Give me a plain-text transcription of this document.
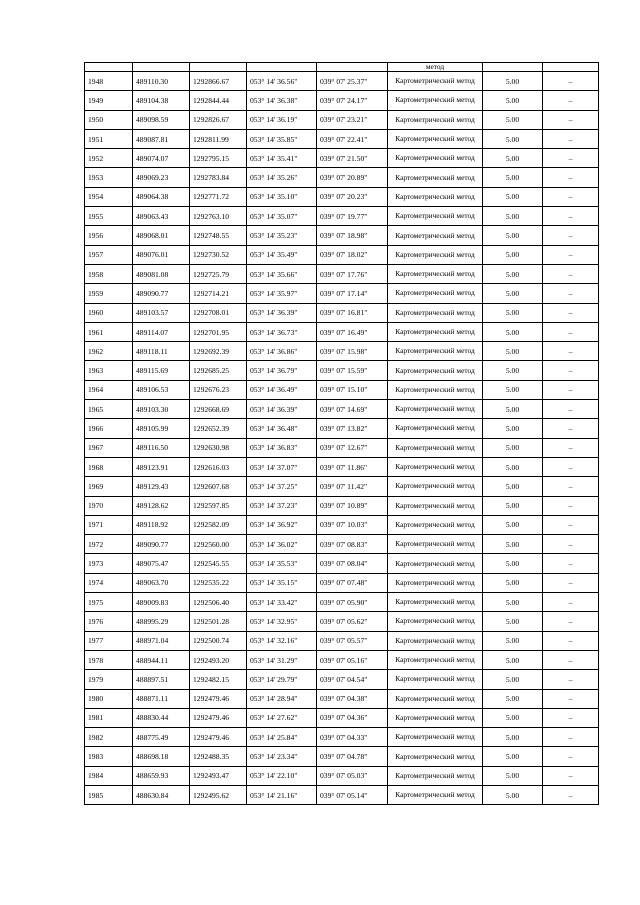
					метод		
1948	489110.30	1292866.67	053° 14' 36.56"	039° 07' 25.37"	Картометрический метод	5.00	–
1949	489104.38	1292844.44	053° 14' 36.38"	039° 07' 24.17"	Картометрический метод	5.00	–
1950	489098.59	1292826.67	053° 14' 36.19"	039° 07' 23.21"	Картометрический метод	5.00	–
1951	489087.81	1292811.99	053° 14' 35.85"	039° 07' 22.41"	Картометрический метод	5.00	–
1952	489074.07	1292795.15	053° 14' 35.41"	039° 07' 21.50"	Картометрический метод	5.00	–
1953	489069.23	1292783.84	053° 14' 35.26"	039° 07' 20.89"	Картометрический метод	5.00	–
1954	489064.38	1292771.72	053° 14' 35.10"	039° 07' 20.23"	Картометрический метод	5.00	–
1955	489063.43	1292763.10	053° 14' 35.07"	039° 07' 19.77"	Картометрический метод	5.00	–
1956	489068.01	1292748.55	053° 14' 35.23"	039° 07' 18.98"	Картометрический метод	5.00	–
1957	489076.01	1292730.52	053° 14' 35.49"	039° 07' 18.02"	Картометрический метод	5.00	–
1958	489081.08	1292725.79	053° 14' 35.66"	039° 07' 17.76"	Картометрический метод	5.00	–
1959	489090.77	1292714.21	053° 14' 35.97"	039° 07' 17.14"	Картометрический метод	5.00	–
1960	489103.57	1292708.01	053° 14' 36.39"	039° 07' 16.81"	Картометрический метод	5.00	–
1961	489114.07	1292701.95	053° 14' 36.73"	039° 07' 16.49"	Картометрический метод	5.00	–
1962	489118.11	1292692.39	053° 14' 36.86"	039° 07' 15.98"	Картометрический метод	5.00	–
1963	489115.69	1292685.25	053° 14' 36.79"	039° 07' 15.59"	Картометрический метод	5.00	–
1964	489106.53	1292676.23	053° 14' 36.49"	039° 07' 15.10"	Картометрический метод	5.00	–
1965	489103.30	1292668.69	053° 14' 36.39"	039° 07' 14.69"	Картометрический метод	5.00	–
1966	489105.99	1292652.39	053° 14' 36.48"	039° 07' 13.82"	Картометрический метод	5.00	–
1967	489116.50	1292630.98	053° 14' 36.83"	039° 07' 12.67"	Картометрический метод	5.00	–
1968	489123.91	1292616.03	053° 14' 37.07"	039° 07' 11.86"	Картометрический метод	5.00	–
1969	489129.43	1292607.68	053° 14' 37.25"	039° 07' 11.42"	Картометрический метод	5.00	–
1970	489128.62	1292597.85	053° 14' 37.23"	039° 07' 10.89"	Картометрический метод	5.00	–
1971	489118.92	1292582.09	053° 14' 36.92"	039° 07' 10.03"	Картометрический метод	5.00	–
1972	489090.77	1292560.00	053° 14' 36.02"	039° 07' 08.83"	Картометрический метод	5.00	–
1973	489075.47	1292545.55	053° 14' 35.53"	039° 07' 08.04"	Картометрический метод	5.00	–
1974	489063.70	1292535.22	053° 14' 35.15"	039° 07' 07.48"	Картометрический метод	5.00	–
1975	489009.83	1292506.40	053° 14' 33.42"	039° 07' 05.90"	Картометрический метод	5.00	–
1976	488995.29	1292501.28	053° 14' 32.95"	039° 07' 05.62"	Картометрический метод	5.00	–
1977	488971.04	1292500.74	053° 14' 32.16"	039° 07' 05.57"	Картометрический метод	5.00	–
1978	488944.11	1292493.20	053° 14' 31.29"	039° 07' 05.16"	Картометрический метод	5.00	–
1979	488897.51	1292482.15	053° 14' 29.79"	039° 07' 04.54"	Картометрический метод	5.00	–
1980	488871.11	1292479.46	053° 14' 28.94"	039° 07' 04.38"	Картометрический метод	5.00	–
1981	488830.44	1292479.46	053° 14' 27.62"	039° 07' 04.36"	Картометрический метод	5.00	–
1982	488775.49	1292479.46	053° 14' 25.84"	039° 07' 04.33"	Картометрический метод	5.00	–
1983	488698.18	1292488.35	053° 14' 23.34"	039° 07' 04.78"	Картометрический метод	5.00	–
1984	488659.93	1292493.47	053° 14' 22.10"	039° 07' 05.03"	Картометрический метод	5.00	–
1985	488630.84	1292495.62	053° 14' 21.16"	039° 07' 05.14"	Картометрический метод	5.00	–
